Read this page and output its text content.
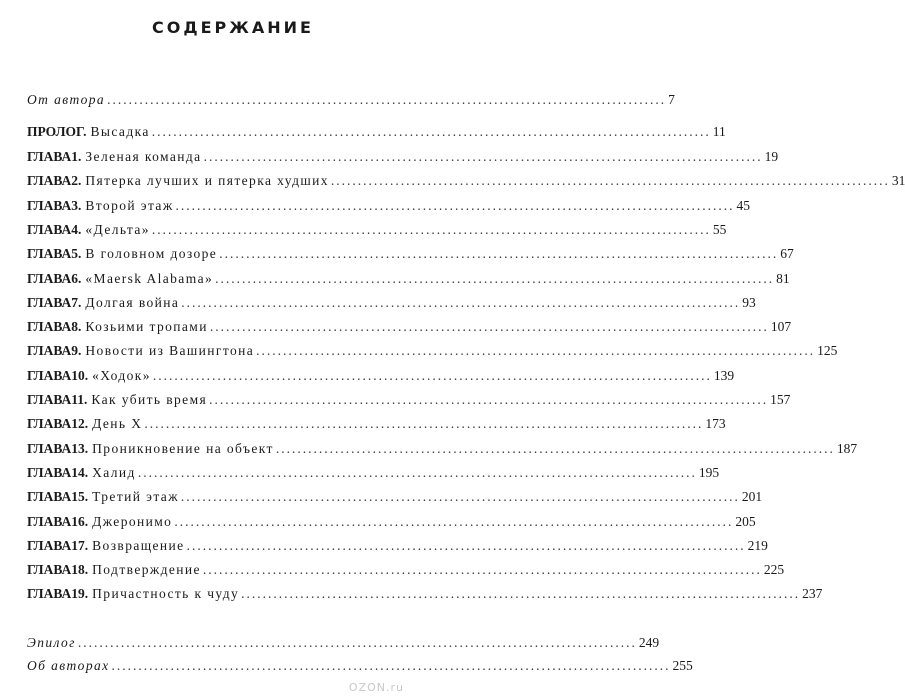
СОДЕРЖАНИЕ
От автора ........................................................................................................ 7
ПРОЛОГ. Высадка ........................................................................................................ 11
ГЛАВА 1. Зеленая команда ........................................................................................................ 19
ГЛАВА 2. Пятерка лучших и пятерка худших ........................................................................................................ 31
ГЛАВА 3. Второй этаж ........................................................................................................ 45
ГЛАВА 4. «Дельта» ........................................................................................................ 55
ГЛАВА 5. В головном дозоре ........................................................................................................ 67
ГЛАВА 6. «Maersk Alabama» ........................................................................................................ 81
ГЛАВА 7. Долгая война ........................................................................................................ 93
ГЛАВА 8. Козьими тропами ........................................................................................................ 107
ГЛАВА 9. Новости из Вашингтона ........................................................................................................ 125
ГЛАВА 10. «Ходок» ........................................................................................................ 139
ГЛАВА 11. Как убить время ........................................................................................................ 157
ГЛАВА 12. День X ........................................................................................................ 173
ГЛАВА 13. Проникновение на объект ........................................................................................................ 187
ГЛАВА 14. Халид ........................................................................................................ 195
ГЛАВА 15. Третий этаж ........................................................................................................ 201
ГЛАВА 16. Джеронимо ........................................................................................................ 205
ГЛАВА 17. Возвращение ........................................................................................................ 219
ГЛАВА 18. Подтверждение ........................................................................................................ 225
ГЛАВА 19. Причастность к чуду ........................................................................................................ 237
Эпилог ........................................................................................................ 249
Об авторах ........................................................................................................ 255
OZON.ru
